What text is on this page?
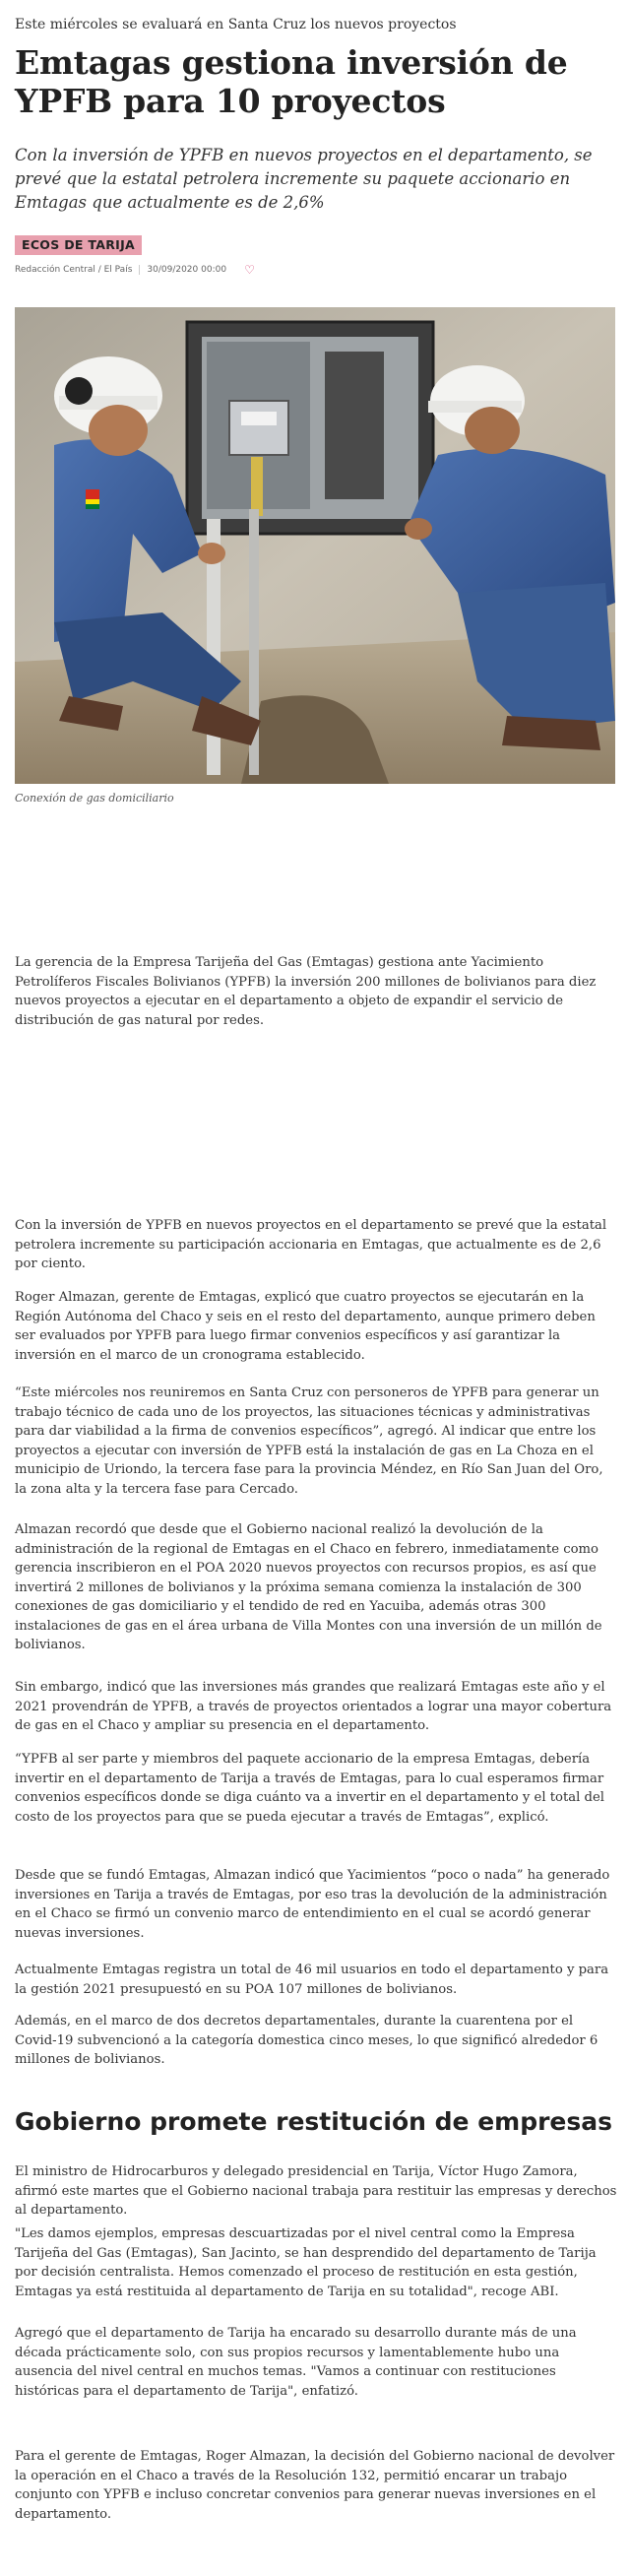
Este miércoles se evaluará en Santa Cruz los nuevos proyectos
Emtagas gestiona inversión de YPFB para 10 proyectos

Con la inversión de YPFB en nuevos proyectos en el departamento, se prevé que la estatal petrolera incremente su paquete accionario en Emtagas que actualmente es de 2,6%

ECOS DE TARIJA
Redacción Central / El País 30/09/2020 00:00 ♡
Conexión de gas domiciliario

La gerencia de la Empresa Tarijeña del Gas (Emtagas) gestiona ante Yacimiento Petrolíferos Fiscales Bolivianos (YPFB) la inversión 200 millones de bolivianos para diez nuevos proyectos a ejecutar en el departamento a objeto de expandir el servicio de distribución de gas natural por redes.

Con la inversión de YPFB en nuevos proyectos en el departamento se prevé que la estatal petrolera incremente su participación accionaria en Emtagas, que actualmente es de 2,6 por ciento.

Roger Almazan, gerente de Emtagas, explicó que cuatro proyectos se ejecutarán en la Región Autónoma del Chaco y seis en el resto del departamento, aunque primero deben ser evaluados por YPFB para luego firmar convenios específicos y así garantizar la inversión en el marco de un cronograma establecido.

“Este miércoles nos reuniremos en Santa Cruz con personeros de YPFB para generar un trabajo técnico de cada uno de los proyectos, las situaciones técnicas y administrativas para dar viabilidad a la firma de convenios específicos”, agregó. Al indicar que entre los proyectos a ejecutar con inversión de YPFB está la instalación de gas en La Choza en el municipio de Uriondo, la tercera fase para la provincia Méndez, en Río San Juan del Oro, la zona alta y la tercera fase para Cercado.

Almazan recordó que desde que el Gobierno nacional realizó la devolución de la administración de la regional de Emtagas en el Chaco en febrero, inmediatamente como gerencia inscribieron en el POA 2020 nuevos proyectos con recursos propios, es así que invertirá 2 millones de bolivianos y la próxima semana comienza la instalación de 300 conexiones de gas domiciliario y el tendido de red en Yacuiba, además otras 300 instalaciones de gas en el área urbana de Villa Montes con una inversión de un millón de bolivianos.

Sin embargo, indicó que las inversiones más grandes que realizará Emtagas este año y el 2021 provendrán de YPFB, a través de proyectos orientados a lograr una mayor cobertura de gas en el Chaco y ampliar su presencia en el departamento.

“YPFB al ser parte y miembros del paquete accionario de la empresa Emtagas, debería invertir en el departamento de Tarija a través de Emtagas, para lo cual esperamos firmar convenios específicos donde se diga cuánto va a invertir en el departamento y el total del costo de los proyectos para que se pueda ejecutar a través de Emtagas”, explicó.

Desde que se fundó Emtagas, Almazan indicó que Yacimientos “poco o nada” ha generado inversiones en Tarija a través de Emtagas, por eso tras la devolución de la administración en el Chaco se firmó un convenio marco de entendimiento en el cual se acordó generar nuevas inversiones.

Actualmente Emtagas registra un total de 46 mil usuarios en todo el departamento y para la gestión 2021 presupuestó en su POA 107 millones de bolivianos.

Además, en el marco de dos decretos departamentales, durante la cuarentena por el Covid-19 subvencionó a la categoría domestica cinco meses, lo que significó alrededor 6 millones de bolivianos.

Gobierno promete restitución de empresas

El ministro de Hidrocarburos y delegado presidencial en Tarija, Víctor Hugo Zamora, afirmó este martes que el Gobierno nacional trabaja para restituir las empresas y derechos al departamento.

"Les damos ejemplos, empresas descuartizadas por el nivel central como la Empresa Tarijeña del Gas (Emtagas), San Jacinto, se han desprendido del departamento de Tarija por decisión centralista. Hemos comenzado el proceso de restitución en esta gestión, Emtagas ya está restituida al departamento de Tarija en su totalidad", recoge ABI.

Agregó que el departamento de Tarija ha encarado su desarrollo durante más de una década prácticamente solo, con sus propios recursos y lamentablemente hubo una ausencia del nivel central en muchos temas. "Vamos a continuar con restituciones históricas para el departamento de Tarija", enfatizó.

Para el gerente de Emtagas, Roger Almazan, la decisión del Gobierno nacional de devolver la operación en el Chaco a través de la Resolución 132, permitió encarar un trabajo conjunto con YPFB e incluso concretar convenios para generar nuevas inversiones en el departamento.
